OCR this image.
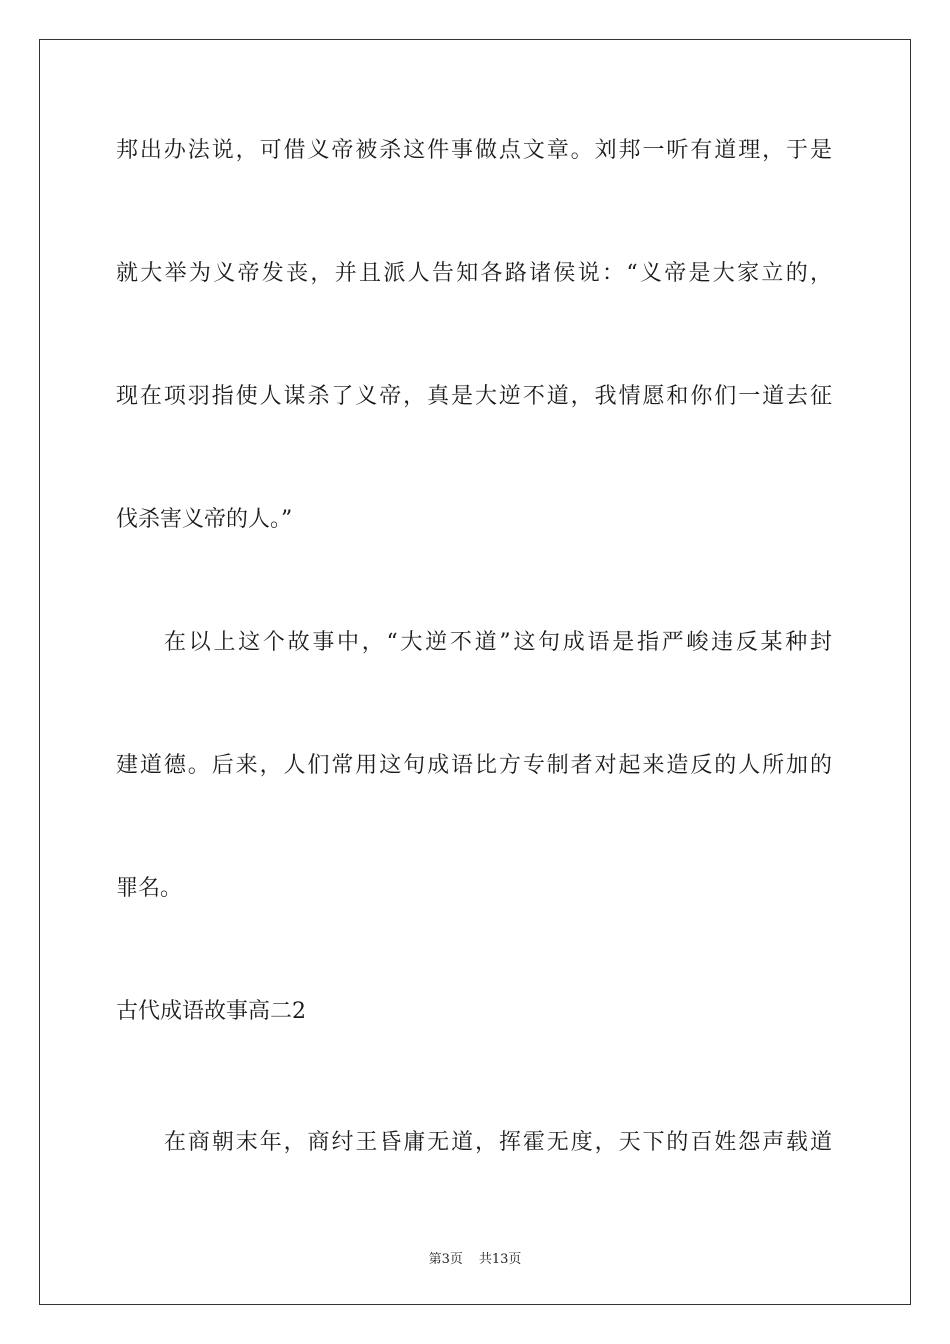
邦出办法说，可借义帝被杀这件事做点文章。刘邦一听有道理，于是
就大举为义帝发丧，并且派人告知各路诸侯说：“义帝是大家立的，
现在项羽指使人谋杀了义帝，真是大逆不道，我情愿和你们一道去征
伐杀害义帝的人。”
在以上这个故事中，“大逆不道”这句成语是指严峻违反某种封
建道德。后来，人们常用这句成语比方专制者对起来造反的人所加的
罪名。
古代成语故事高二2
在商朝末年，商纣王昏庸无道，挥霍无度，天下的百姓怨声载道
第3页 共13页
